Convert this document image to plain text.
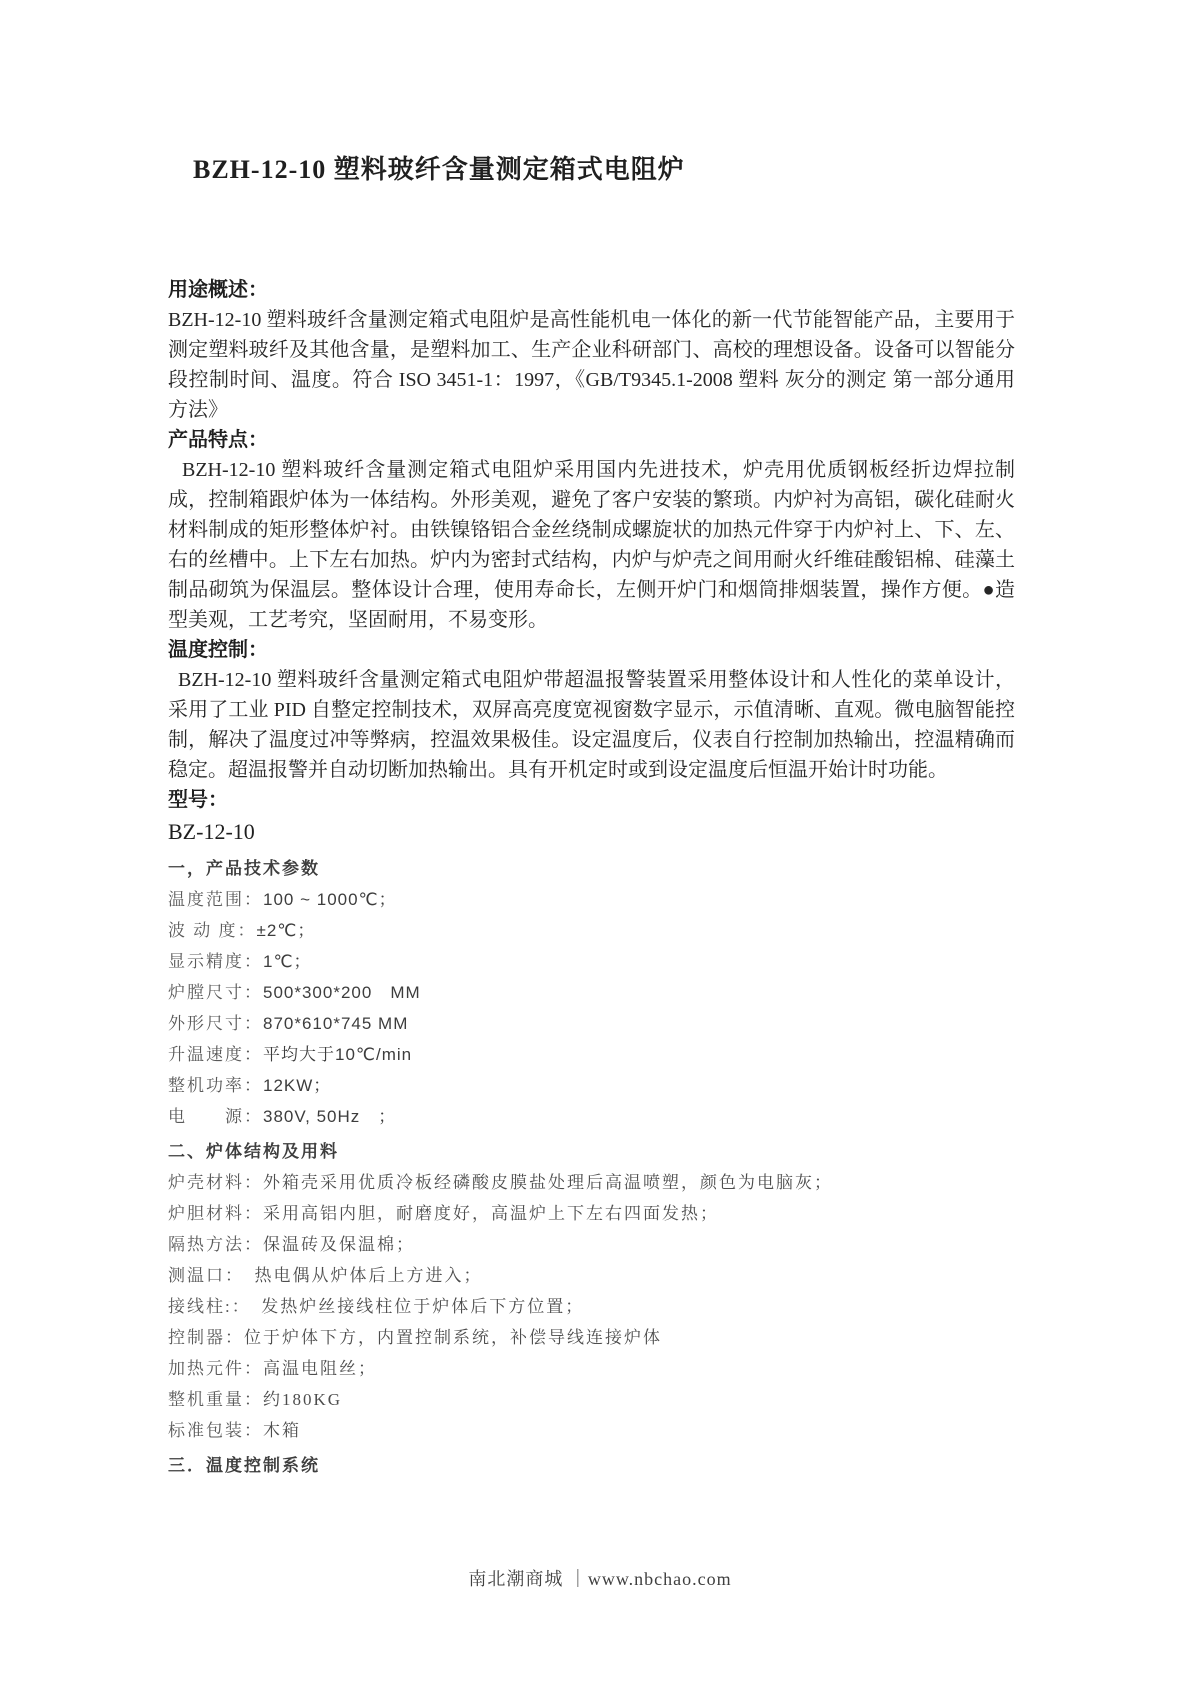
BZH-12-10 塑料玻纤含量测定箱式电阻炉
用途概述：

BZH-12-10 塑料玻纤含量测定箱式电阻炉是高性能机电一体化的新一代节能智能产品，主要用于测定塑料玻纤及其他含量，是塑料加工、生产企业科研部门、高校的理想设备。设备可以智能分段控制时间、温度。符合 ISO 3451-1：1997，《GB/T9345.1-2008 塑料 灰分的测定 第一部分通用方法》

产品特点：

BZH-12-10 塑料玻纤含量测定箱式电阻炉采用国内先进技术，炉壳用优质钢板经折边焊拉制成，控制箱跟炉体为一体结构。外形美观，避免了客户安装的繁琐。内炉衬为高铝，碳化硅耐火材料制成的矩形整体炉衬。由铁镍铬铝合金丝绕制成螺旋状的加热元件穿于内炉衬上、下、左、右的丝槽中。上下左右加热。炉内为密封式结构，内炉与炉壳之间用耐火纤维硅酸铝棉、硅藻土制品砌筑为保温层。整体设计合理，使用寿命长，左侧开炉门和烟筒排烟装置，操作方便。●造型美观，工艺考究，坚固耐用，不易变形。

温度控制：

BZH-12-10 塑料玻纤含量测定箱式电阻炉带超温报警装置采用整体设计和人性化的菜单设计，采用了工业 PID 自整定控制技术，双屏高亮度宽视窗数字显示，示值清晰、直观。微电脑智能控制，解决了温度过冲等弊病，控温效果极佳。设定温度后，仪表自行控制加热输出，控温精确而稳定。超温报警并自动切断加热输出。具有开机定时或到设定温度后恒温开始计时功能。

型号：
BZ-12-10
一，产品技术参数
温度范围：100 ~ 1000℃；
波 动 度：±2℃；
显示精度：1℃；
炉膛尺寸：500*300*200　MM
外形尺寸：870*610*745 MM
升温速度：平均大于10℃/min
整机功率：12KW；
电　　源：380V, 50Hz　；
二、炉体结构及用料
炉壳材料：外箱壳采用优质冷板经磷酸皮膜盐处理后高温喷塑，颜色为电脑灰；
炉胆材料：采用高铝内胆，耐磨度好，高温炉上下左右四面发热；
隔热方法：保温砖及保温棉；
测温口：　热电偶从炉体后上方进入；
接线柱:：　发热炉丝接线柱位于炉体后下方位置；
控制器：位于炉体下方，内置控制系统，补偿导线连接炉体
加热元件：高温电阻丝；
整机重量：约180KG
标准包装：木箱
三．温度控制系统
南北潮商城 ｜www.nbchao.com
